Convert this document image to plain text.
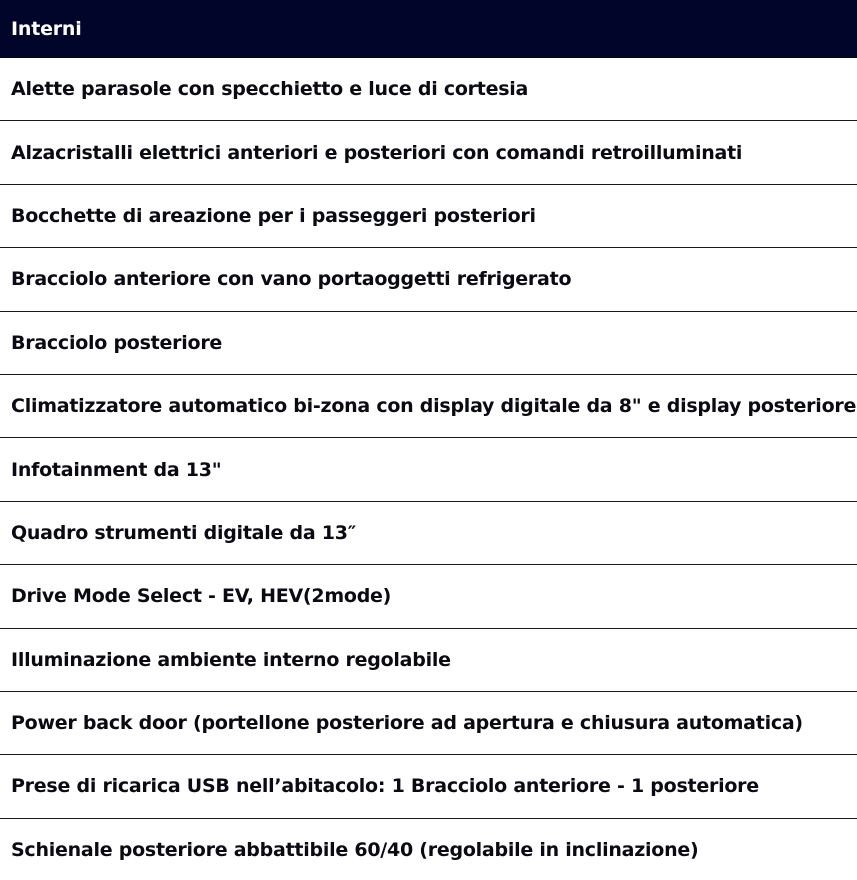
Interni
Alette parasole con specchietto e luce di cortesia
Alzacristalli elettrici anteriori e posteriori con comandi retroilluminati
Bocchette di areazione per i passeggeri posteriori
Bracciolo anteriore con vano portaoggetti refrigerato
Bracciolo posteriore
Climatizzatore automatico bi-zona con display digitale da 8" e display posteriore
Infotainment da 13"
Quadro strumenti digitale da 13″
Drive Mode Select - EV, HEV(2mode)
Illuminazione ambiente interno regolabile
Power back door (portellone posteriore ad apertura e chiusura automatica)
Prese di ricarica USB nell’abitacolo: 1 Bracciolo anteriore - 1 posteriore
Schienale posteriore abbattibile 60/40 (regolabile in inclinazione)
